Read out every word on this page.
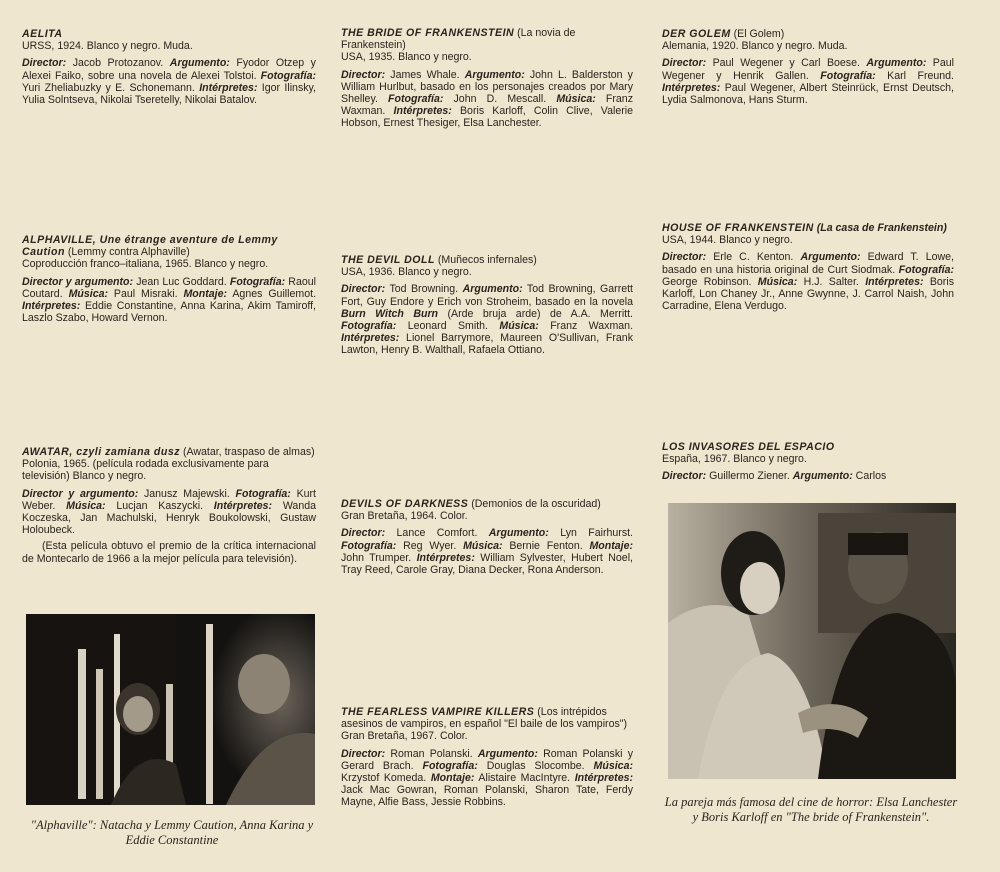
AELITA

URSS, 1924. Blanco y negro. Muda.

Director: Jacob Protozanov. Argumento: Fyodor Otzep y Alexei Faiko, sobre una novela de Alexei Tolstoi. Fotografía: Yuri Zheliabuzky y E. Schonemann. Intérpretes: Igor Ilinsky, Yulia Solntseva, Nikolai Tseretelly, Nikolai Batalov.

ALPHAVILLE, Une étrange aventure de Lemmy Caution (Lemmy contra Alphaville)

Coproducción franco–italiana, 1965. Blanco y negro.

Director y argumento: Jean Luc Goddard. Fotografía: Raoul Coutard. Música: Paul Misraki. Montaje: Agnes Guillemot. Intérpretes: Eddie Constantine, Anna Karina, Akim Tamiroff, Laszlo Szabo, Howard Vernon.

AWATAR, czyli zamiana dusz (Awatar, traspaso de almas)

Polonia, 1965. (película rodada exclusivamente para televisión) Blanco y negro.

Director y argumento: Janusz Majewski. Fotografía: Kurt Weber. Música: Lucjan Kaszycki. Intérpretes: Wanda Koczeska, Jan Machulski, Henryk Boukolowski, Gustaw Holoubeck.

(Esta película obtuvo el premio de la crítica internacional de Montecarlo de 1966 a la mejor película para televisión).

"Alphaville": Natacha y Lemmy Caution, Anna Karina y Eddie Constantine

THE BRIDE OF FRANKENSTEIN (La novia de Frankenstein)

USA, 1935. Blanco y negro.

Director: James Whale. Argumento: John L. Balderston y William Hurlbut, basado en los personajes creados por Mary Shelley. Fotografía: John D. Mescall. Música: Franz Waxman. Intérpretes: Boris Karloff, Colin Clive, Valerie Hobson, Ernest Thesiger, Elsa Lanchester.

THE DEVIL DOLL (Muñecos infernales)

USA, 1936. Blanco y negro.

Director: Tod Browning. Argumento: Tod Browning, Garrett Fort, Guy Endore y Erich von Stroheim, basado en la novela Burn Witch Burn (Arde bruja arde) de A.A. Merritt. Fotografía: Leonard Smith. Música: Franz Waxman. Intérpretes: Lionel Barrymore, Maureen O'Sullivan, Frank Lawton, Henry B. Walthall, Rafaela Ottiano.

DEVILS OF DARKNESS (Demonios de la oscuridad)

Gran Bretaña, 1964. Color.

Director: Lance Comfort. Argumento: Lyn Fairhurst. Fotografía: Reg Wyer. Música: Bernie Fenton. Montaje: John Trumper. Intérpretes: William Sylvester, Hubert Noel, Tray Reed, Carole Gray, Diana Decker, Rona Anderson.

THE FEARLESS VAMPIRE KILLERS (Los intrépidos asesinos de vampiros, en español "El baile de los vampiros")

Gran Bretaña, 1967. Color.

Director: Roman Polanski. Argumento: Roman Polanski y Gerard Brach. Fotografía: Douglas Slocombe. Música: Krzystof Komeda. Montaje: Alistaire MacIntyre. Intérpretes: Jack Mac Gowran, Roman Polanski, Sharon Tate, Ferdy Mayne, Alfie Bass, Jessie Robbins.

DER GOLEM (El Golem)

Alemania, 1920. Blanco y negro. Muda.

Director: Paul Wegener y Carl Boese. Argumento: Paul Wegener y Henrik Gallen. Fotografía: Karl Freund. Intérpretes: Paul Wegener, Albert Steinrück, Ernst Deutsch, Lydia Salmonova, Hans Sturm.

HOUSE OF FRANKENSTEIN (La casa de Frankenstein)

USA, 1944. Blanco y negro.

Director: Erle C. Kenton. Argumento: Edward T. Lowe, basado en una historia original de Curt Siodmak. Fotografía: George Robinson. Música: H.J. Salter. Intérpretes: Boris Karloff, Lon Chaney Jr., Anne Gwynne, J. Carrol Naish, John Carradine, Elena Verdugo.

LOS INVASORES DEL ESPACIO

España, 1967. Blanco y negro.

Director: Guillermo Ziener. Argumento: Carlos

La pareja más famosa del cine de horror: Elsa Lanchester y Boris Karloff en "The bride of Frankenstein".
